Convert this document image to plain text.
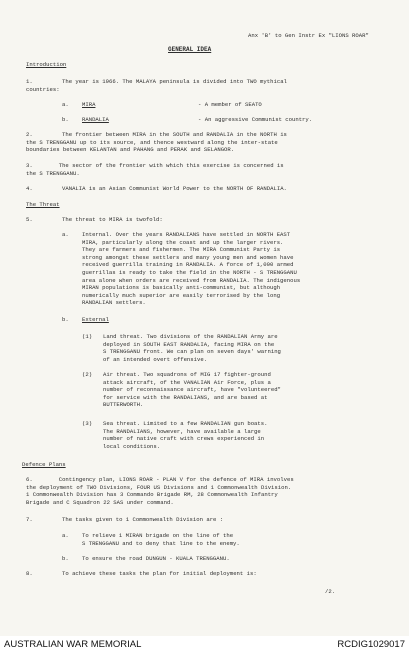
Anx 'B' to Gen Instr Ex "LIONS ROAR"
GENERAL IDEA
Introduction
1.	The year is 1966. The MALAYA peninsula is divided into TWO mythical
countries:
a. MIRA	- A member of SEATO
b. RANDALIA	- An aggressive Communist country.
2.	The frontier between MIRA in the SOUTH and RANDALIA in the NORTH is
the S TRENGGANU up to its source, and thence westward along the inter-state
boundaries between KELANTAN and PAHANG and PERAK and SELANGOR.
3.	The sector of the frontier with which this exercise is concerned is
the S TRENGGANU.
4.	VANALIA is an Asian Communist World Power to the NORTH OF RANDALIA.
The Threat
5.	The threat to MIRA is twofold:
a. Internal. Over the years RANDALIANS have settled in NORTH EAST
MIRA, particularly along the coast and up the larger rivers.
They are farmers and fishermen. The MIRA Communist Party is
strong amongst these settlers and many young men and women have
received guerrilla training in RANDALIA. A force of 1,000 armed
guerrillas is ready to take the field in the NORTH - S TRENGGANU
area alone when orders are received from RANDALIA. The indigenous
MIRAN populations is basically anti-communist, but although
numerically much superior are easily terrorised by the long
RANDALIAN settlers.
b. External
(1) Land threat. Two divisions of the RANDALIAN Army are
deployed in SOUTH EAST RANDALIA, facing MIRA on the
S TRENGGANU front. We can plan on seven days' warning
of an intended overt offensive.
(2) Air threat. Two squadrons of MIG 17 fighter-ground
attack aircraft, of the VANALIAN Air Force, plus a
number of reconnaissance aircraft, have "volunteered"
for service with the RANDALIANS, and are based at
BUTTERWORTH.
(3) Sea threat. Limited to a few RANDALIAN gun boats.
The RANDALIANS, however, have available a large
number of native craft with crews experienced in
local conditions.
Defence Plans
6.	Contingency plan, LIONS ROAR - PLAN V for the defence of MIRA involves
the deployment of TWO Divisions, FOUR US Divisions and 1 Commonwealth Division.
1 Commonwealth Division has 3 Commando Brigade RM, 28 Commonwealth Infantry
Brigade and C Squadron 22 SAS under command.
7.	The tasks given to 1 Commonwealth Division are :
a. To relieve 1 MIRAN brigade on the line of the
S TRENGGANU and to deny that line to the enemy.
b. To ensure the road DUNGUN - KUALA TRENGGANU.
8.	To achieve these tasks the plan for initial deployment is:
/2.
AUSTRALIAN WAR MEMORIAL	RCDIG1029017
